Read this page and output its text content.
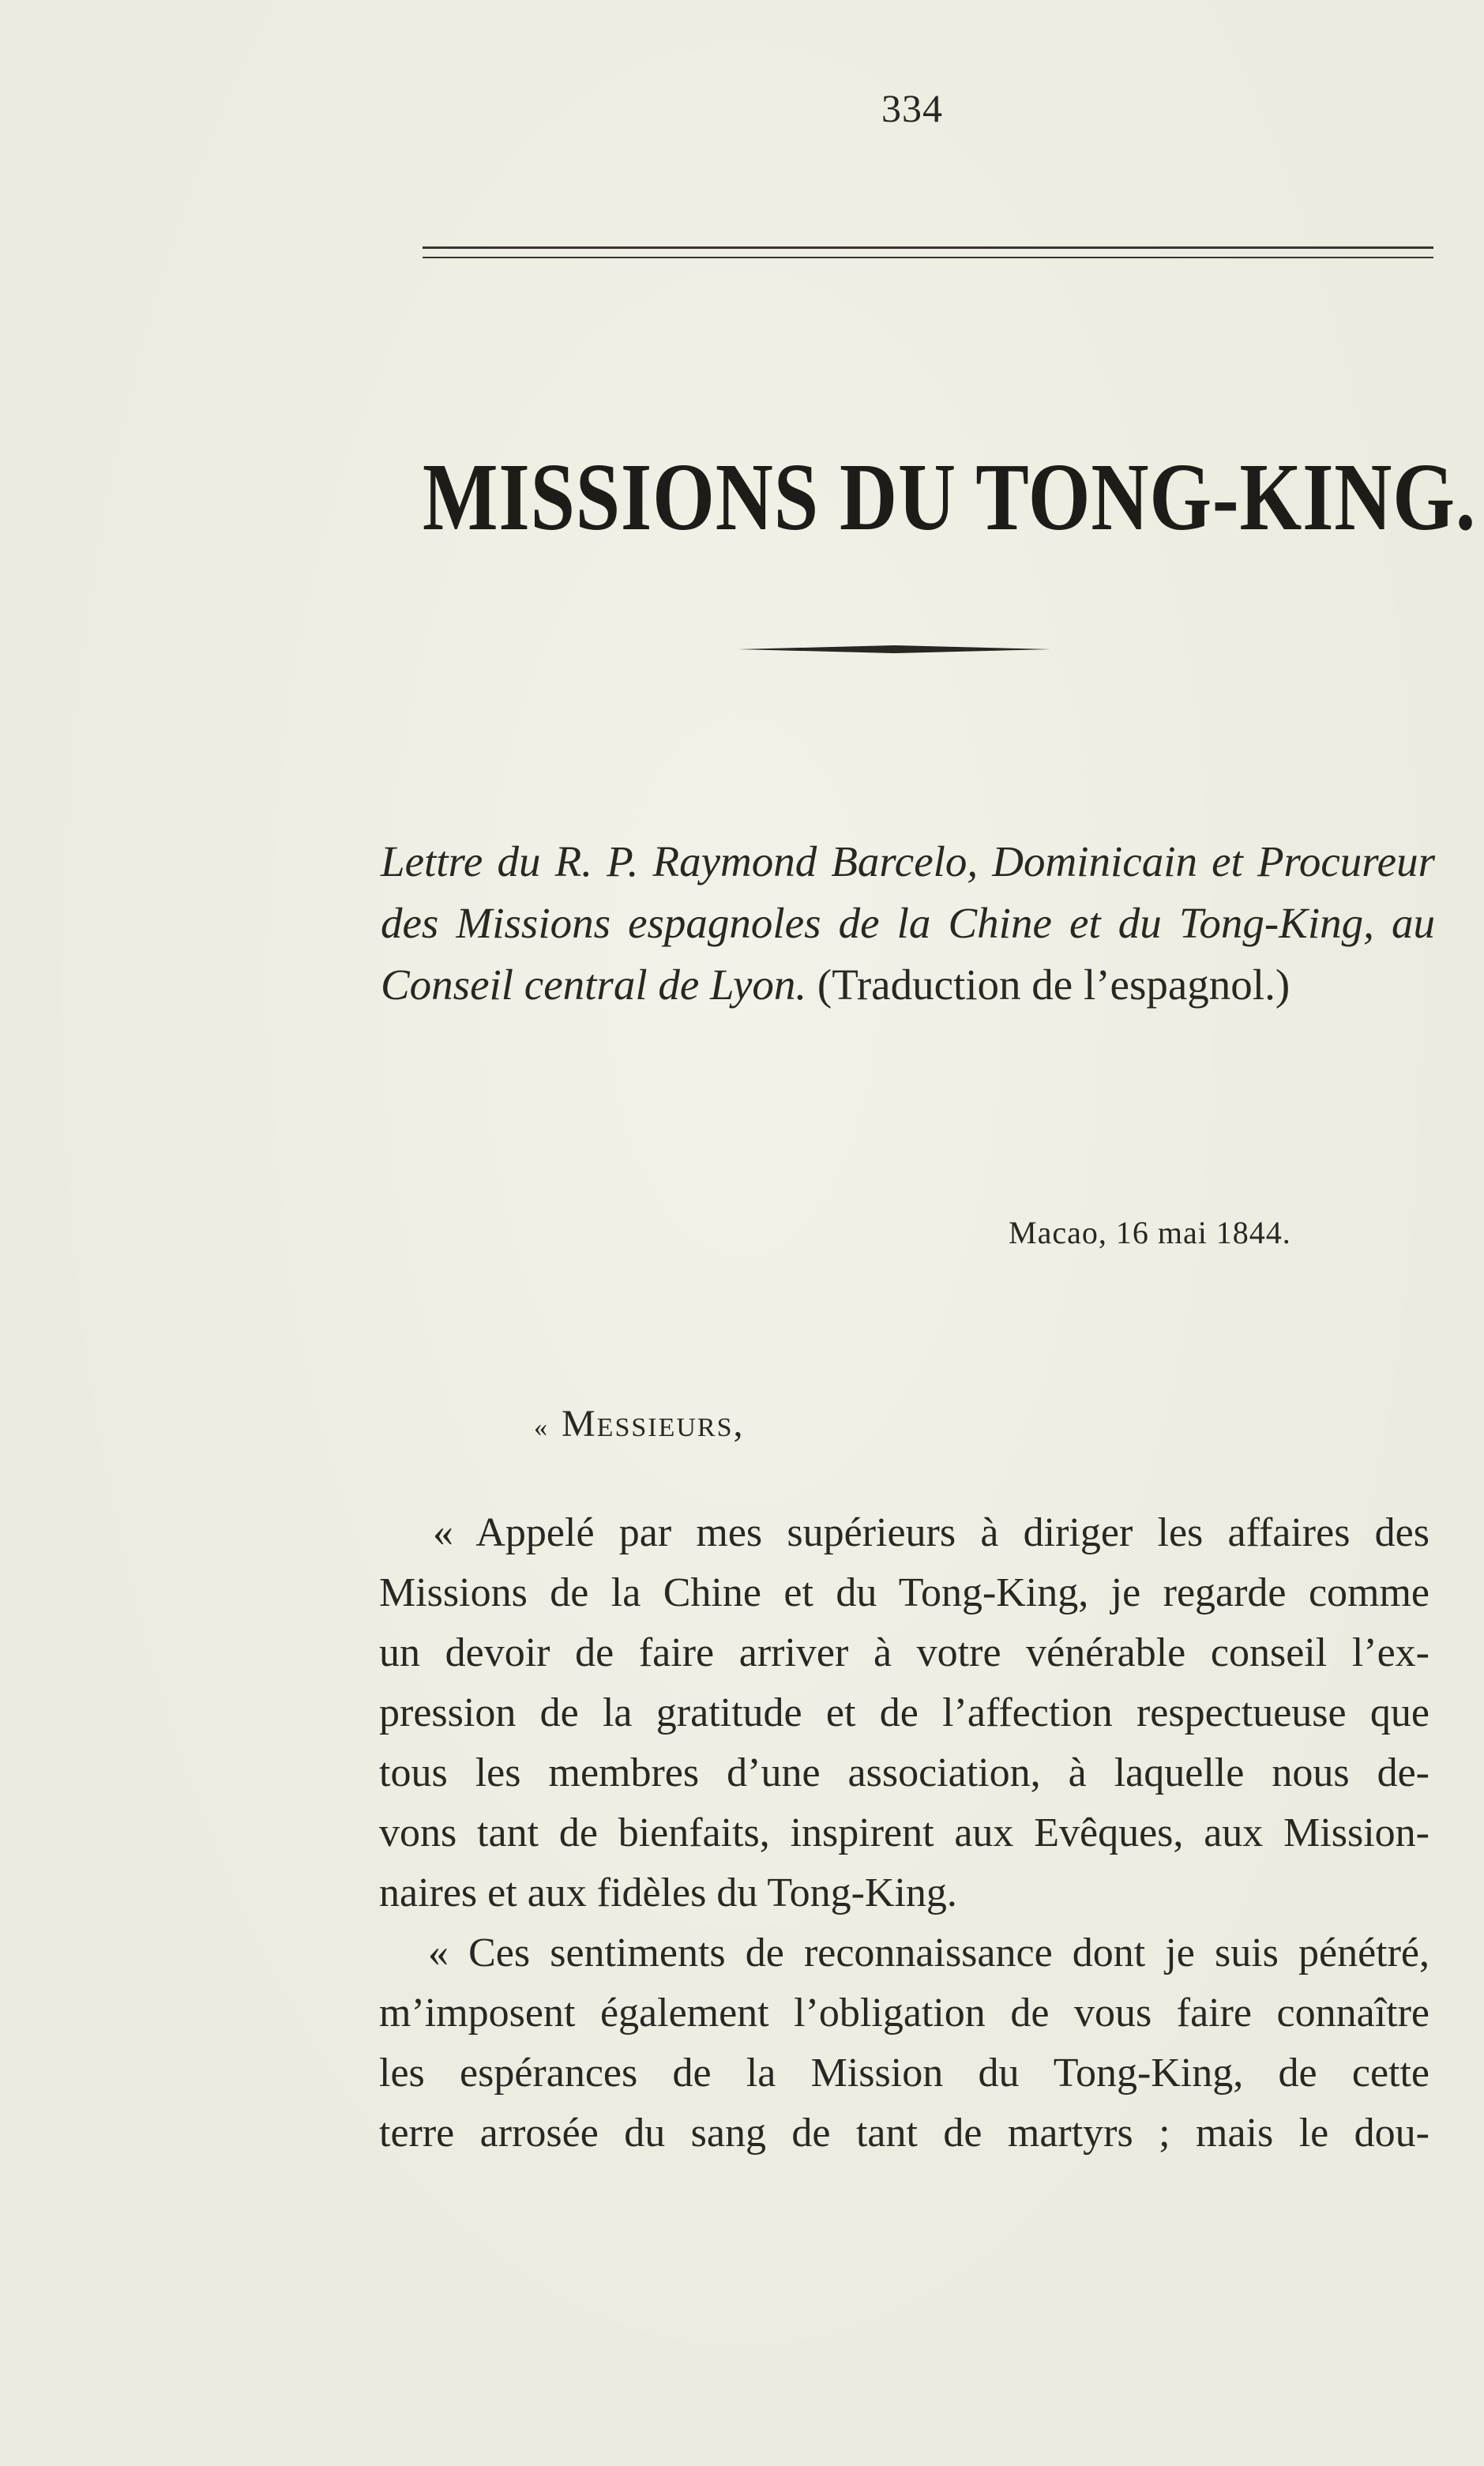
334
MISSIONS DU TONG-KING.
Lettre du R. P. Raymond Barcelo, Dominicain et Procureur des Missions espagnoles de la Chine et du Tong-King, au Conseil central de Lyon. (Traduction de l’espagnol.)
Macao, 16 mai 1844.
« Messieurs,

« Appelé par mes supérieurs à diriger les affaires des
Missions de la Chine et du Tong-King, je regarde comme
un devoir de faire arriver à votre vénérable conseil l’ex-
pression de la gratitude et de l’affection respectueuse que
tous les membres d’une association, à laquelle nous de-
vons tant de bienfaits, inspirent aux Evêques, aux Mission-
naires et aux fidèles du Tong-King.

« Ces sentiments de reconnaissance dont je suis pénétré,
m’imposent également l’obligation de vous faire connaître
les espérances de la Mission du Tong-King, de cette
terre arrosée du sang de tant de martyrs ; mais le dou-
